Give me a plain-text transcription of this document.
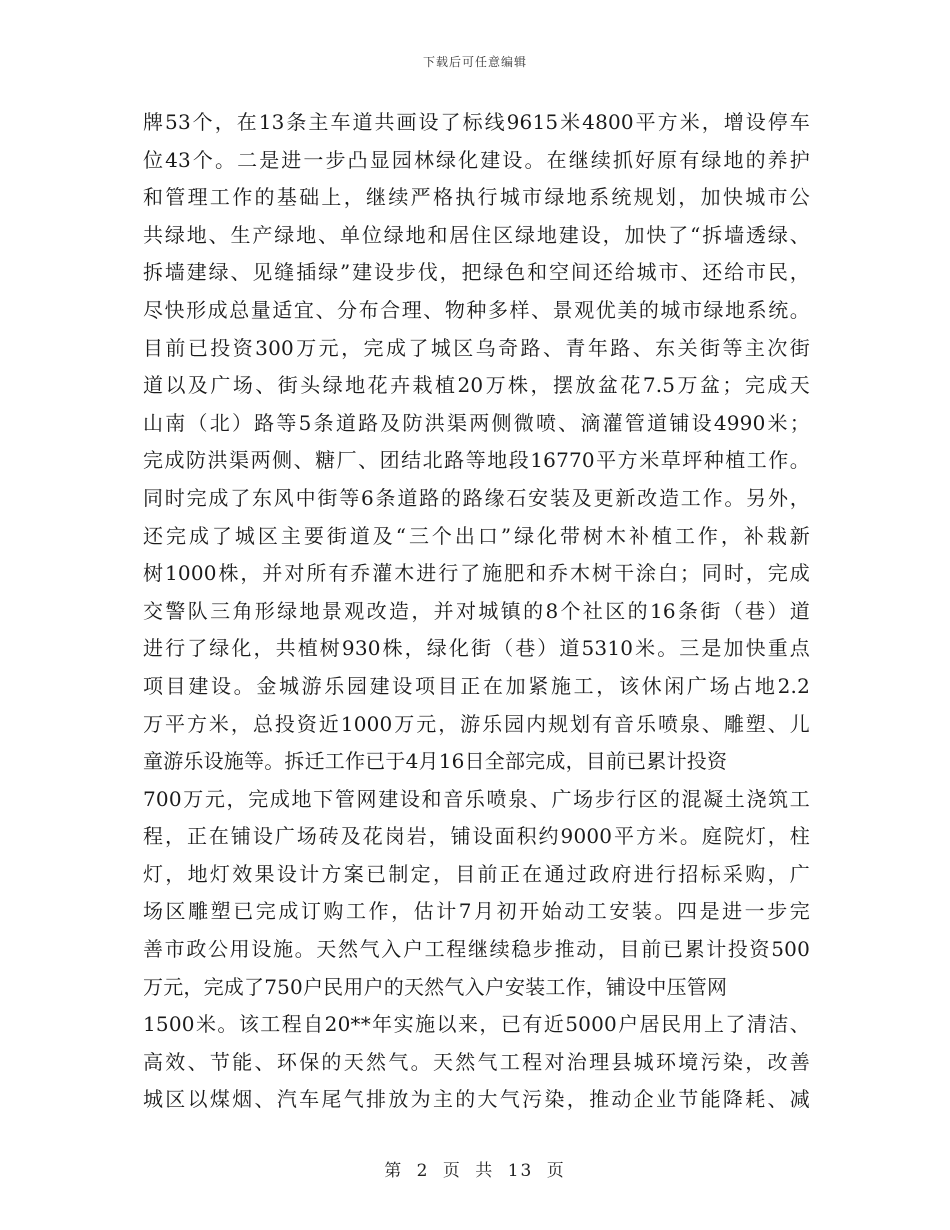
下载后可任意编辑
牌53个，在13条主车道共画设了标线9615米4800平方米，增设停车
位43个。二是进一步凸显园林绿化建设。在继续抓好原有绿地的养护
和管理工作的基础上，继续严格执行城市绿地系统规划，加快城市公
共绿地、生产绿地、单位绿地和居住区绿地建设，加快了“拆墙透绿、
拆墙建绿、见缝插绿”建设步伐，把绿色和空间还给城市、还给市民，
尽快形成总量适宜、分布合理、物种多样、景观优美的城市绿地系统。
目前已投资300万元，完成了城区乌奇路、青年路、东关街等主次街
道以及广场、街头绿地花卉栽植20万株，摆放盆花7.5万盆；完成天
山南（北）路等5条道路及防洪渠两侧微喷、滴灌管道铺设4990米；
完成防洪渠两侧、糖厂、团结北路等地段16770平方米草坪种植工作。
同时完成了东风中街等6条道路的路缘石安装及更新改造工作。另外，
还完成了城区主要街道及“三个出口”绿化带树木补植工作，补栽新
树1000株，并对所有乔灌木进行了施肥和乔木树干涂白；同时，完成
交警队三角形绿地景观改造，并对城镇的8个社区的16条街（巷）道
进行了绿化，共植树930株，绿化街（巷）道5310米。三是加快重点
项目建设。金城游乐园建设项目正在加紧施工，该休闲广场占地2.2
万平方米，总投资近1000万元，游乐园内规划有音乐喷泉、雕塑、儿
童游乐设施等。拆迁工作已于4月16日全部完成，目前已累计投资
700万元，完成地下管网建设和音乐喷泉、广场步行区的混凝土浇筑工
程，正在铺设广场砖及花岗岩，铺设面积约9000平方米。庭院灯，柱
灯，地灯效果设计方案已制定，目前正在通过政府进行招标采购，广
场区雕塑已完成订购工作，估计7月初开始动工安装。四是进一步完
善市政公用设施。天然气入户工程继续稳步推动，目前已累计投资500
万元，完成了750户民用户的天然气入户安装工作，铺设中压管网
1500米。该工程自20**年实施以来，已有近5000户居民用上了清洁、
高效、节能、环保的天然气。天然气工程对治理县城环境污染，改善
城区以煤烟、汽车尾气排放为主的大气污染，推动企业节能降耗、减
第 2 页 共 13 页
